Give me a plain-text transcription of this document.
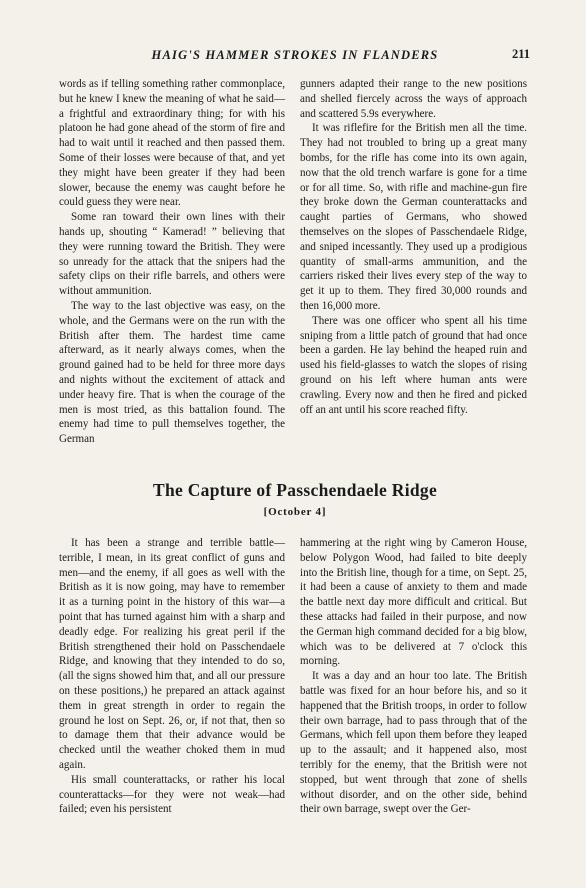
HAIG'S HAMMER STROKES IN FLANDERS	211

words as if telling something rather commonplace, but he knew I knew the meaning of what he said—a frightful and extraordinary thing; for with his platoon he had gone ahead of the storm of fire and had to wait until it reached and then passed them. Some of their losses were because of that, and yet they might have been greater if they had been slower, because the enemy was caught before he could guess they were near.

Some ran toward their own lines with their hands up, shouting “ Kamerad! ” believing that they were running toward the British. They were so unready for the attack that the snipers had the safety clips on their rifle barrels, and others were without ammunition.

The way to the last objective was easy, on the whole, and the Germans were on the run with the British after them. The hardest time came afterward, as it nearly always comes, when the ground gained had to be held for three more days and nights without the excitement of attack and under heavy fire. That is when the courage of the men is most tried, as this battalion found. The enemy had time to pull themselves together, the German

gunners adapted their range to the new positions and shelled fiercely across the ways of approach and scattered 5.9s everywhere.

It was riflefire for the British men all the time. They had not troubled to bring up a great many bombs, for the rifle has come into its own again, now that the old trench warfare is gone for a time or for all time. So, with rifle and machine-gun fire they broke down the German counterattacks and caught parties of Germans, who showed themselves on the slopes of Passchendaele Ridge, and sniped incessantly. They used up a prodigious quantity of small-arms ammunition, and the carriers risked their lives every step of the way to get it up to them. They fired 30,000 rounds and then 16,000 more.

There was one officer who spent all his time sniping from a little patch of ground that had once been a garden. He lay behind the heaped ruin and used his field-glasses to watch the slopes of rising ground on his left where human ants were crawling. Every now and then he fired and picked off an ant until his score reached fifty.

The Capture of Passchendaele Ridge
[October 4]

It has been a strange and terrible battle—terrible, I mean, in its great conflict of guns and men—and the enemy, if all goes as well with the British as it is now going, may have to remember it as a turning point in the history of this war—a point that has turned against him with a sharp and deadly edge. For realizing his great peril if the British strengthened their hold on Passchendaele Ridge, and knowing that they intended to do so, (all the signs showed him that, and all our pressure on these positions,) he prepared an attack against them in great strength in order to regain the ground he lost on Sept. 26, or, if not that, then so to damage them that their advance would be checked until the weather choked them in mud again.

His small counterattacks, or rather his local counterattacks—for they were not weak—had failed; even his persistent

hammering at the right wing by Cameron House, below Polygon Wood, had failed to bite deeply into the British line, though for a time, on Sept. 25, it had been a cause of anxiety to them and made the battle next day more difficult and critical. But these attacks had failed in their purpose, and now the German high command decided for a big blow, which was to be delivered at 7 o'clock this morning.

It was a day and an hour too late. The British battle was fixed for an hour before his, and so it happened that the British troops, in order to follow their own barrage, had to pass through that of the Germans, which fell upon them before they leaped up to the assault; and it happened also, most terribly for the enemy, that the British were not stopped, but went through that zone of shells without disorder, and on the other side, behind their own barrage, swept over the Ger-
